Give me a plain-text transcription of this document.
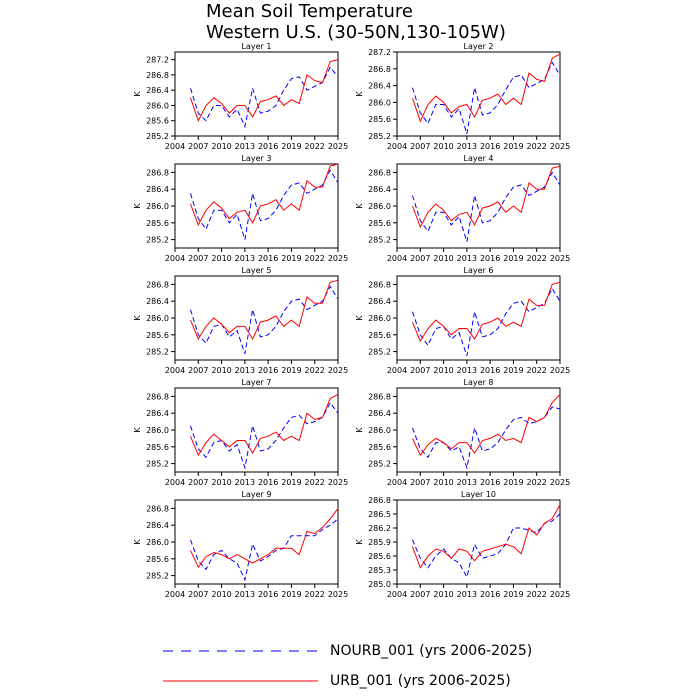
Mean Soil Temperature
Western U.S. (30-50N,130-105W)
Layer 1
2004 2007 2010 2013 2016 2019 2022 2025
285.2
285.6
286.0
286.4
286.8
287.2
K
Layer 2
2004 2007 2010 2013 2016 2019 2022 2025
285.2
285.6
286.0
286.4
286.8
287.2
K
Layer 3
2004 2007 2010 2013 2016 2019 2022 2025
285.2
285.6
286.0
286.4
286.8
K
Layer 4
2004 2007 2010 2013 2016 2019 2022 2025
285.2
285.6
286.0
286.4
286.8
K
Layer 5
2004 2007 2010 2013 2016 2019 2022 2025
285.2
285.6
286.0
286.4
286.8
K
Layer 6
2004 2007 2010 2013 2016 2019 2022 2025
285.2
285.6
286.0
286.4
286.8
K
Layer 7
2004 2007 2010 2013 2016 2019 2022 2025
285.2
285.6
286.0
286.4
286.8
K
Layer 8
2004 2007 2010 2013 2016 2019 2022 2025
285.2
285.6
286.0
286.4
286.8
K
Layer 9
2004 2007 2010 2013 2016 2019 2022 2025
285.2
285.6
286.0
286.4
286.8
K
Layer 10
2004 2007 2010 2013 2016 2019 2022 2025
285.0
285.3
285.6
285.9
286.2
286.5
286.8
K
NOURB_001 (yrs 2006-2025)
URB_001 (yrs 2006-2025)
